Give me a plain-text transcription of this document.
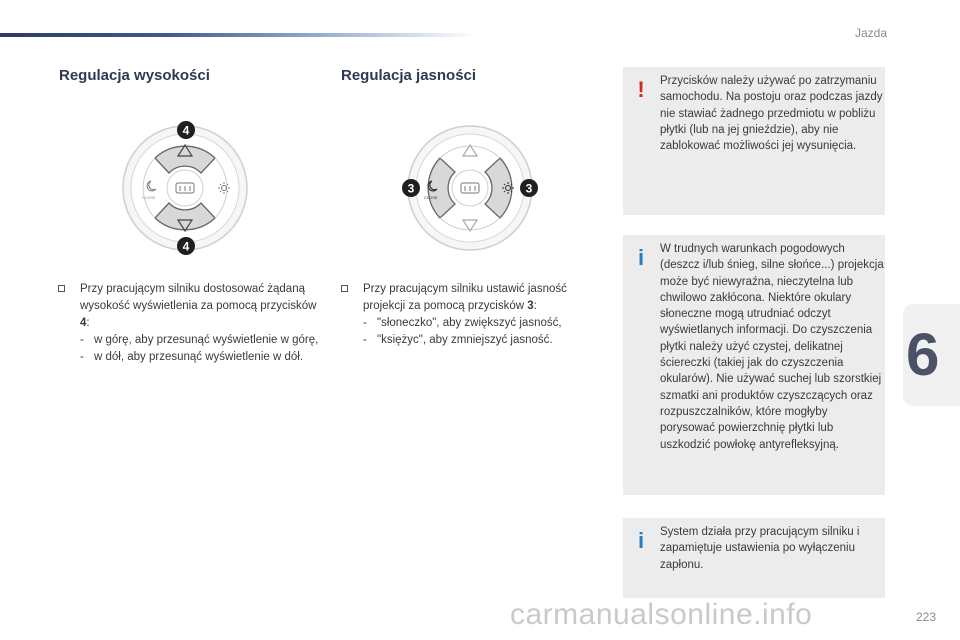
Jazda
Regulacja wysokości
CLOSE
4
4
Przy pracującym silniku dostosować żądaną wysokość wyświetlenia za pomocą przycisków 4:
- w górę, aby przesunąć wyświetlenie w górę,
- w dół, aby przesunąć wyświetlenie w dół.
Regulacja jasności
CLOSE
3	3
Przy pracującym silniku ustawić jasność projekcji za pomocą przycisków 3:
- "słoneczko", aby zwiększyć jasność,
- "księżyc", aby zmniejszyć jasność.
! Przycisków należy używać po zatrzymaniu samochodu. Na postoju oraz podczas jazdy nie stawiać żadnego przedmiotu w pobliżu płytki (lub na jej gnieździe), aby nie zablokować możliwości jej wysunięcia.
i W trudnych warunkach pogodowych (deszcz i/lub śnieg, silne słońce...) projekcja może być niewyraźna, nieczytelna lub chwilowo zakłócona. Niektóre okulary słoneczne mogą utrudniać odczyt wyświetlanych informacji. Do czyszczenia płytki należy użyć czystej, delikatnej ściereczki (takiej jak do czyszczenia okularów). Nie używać suchej lub szorstkiej szmatki ani produktów czyszczących oraz rozpuszczalników, które mogłyby porysować powierzchnię płytki lub uszkodzić powłokę antyrefleksyjną.
i System działa przy pracującym silniku i zapamiętuje ustawienia po wyłączeniu zapłonu.
6
carmanualsonline.info	223
